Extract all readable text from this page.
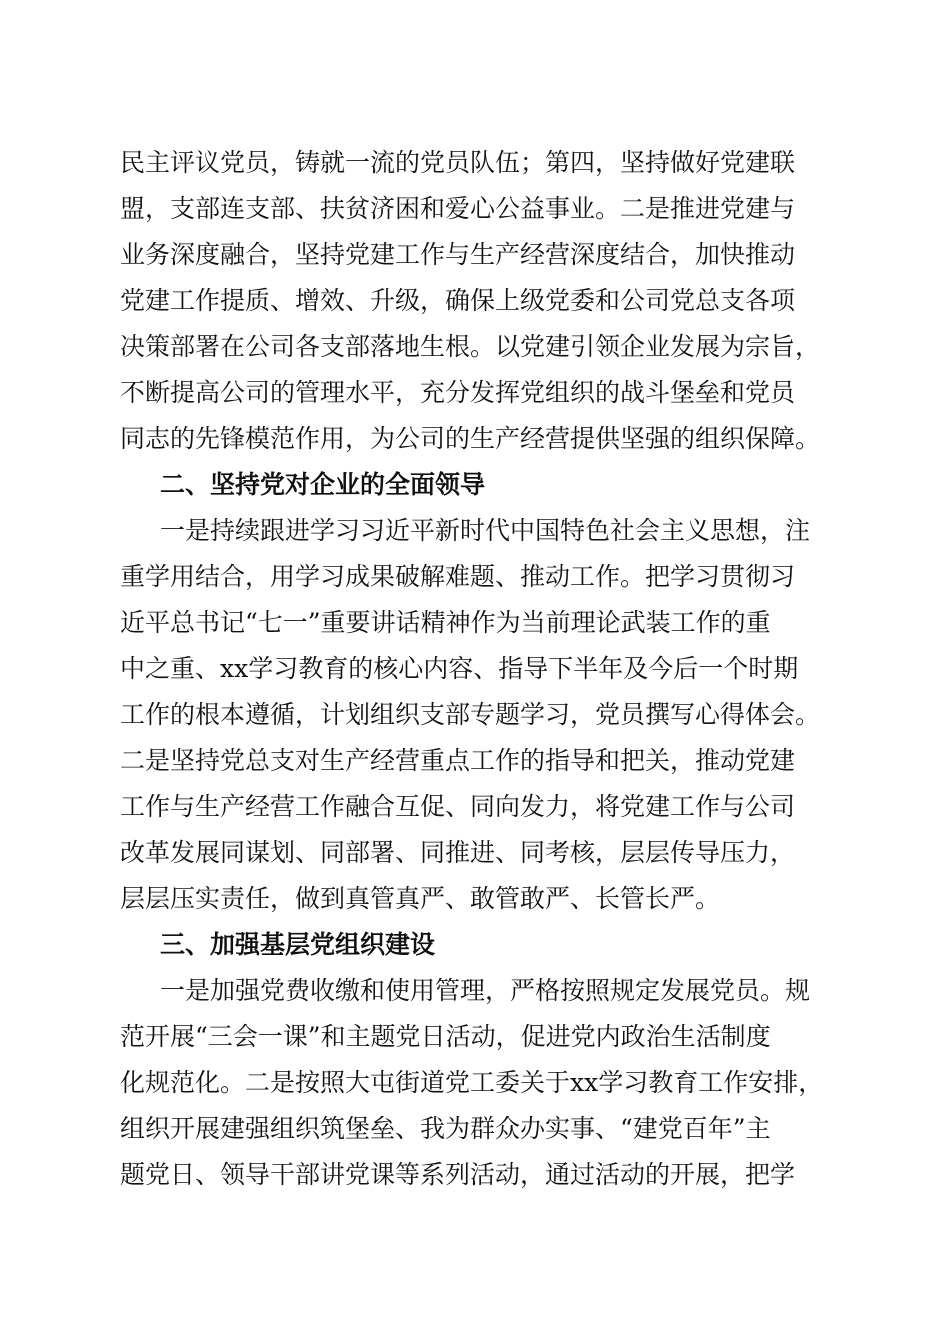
民主评议党员，铸就一流的党员队伍；第四，坚持做好党建联
盟，支部连支部、扶贫济困和爱心公益事业。二是推进党建与
业务深度融合，坚持党建工作与生产经营深度结合，加快推动
党建工作提质、增效、升级，确保上级党委和公司党总支各项
决策部署在公司各支部落地生根。以党建引领企业发展为宗旨，
不断提高公司的管理水平，充分发挥党组织的战斗堡垒和党员
同志的先锋模范作用，为公司的生产经营提供坚强的组织保障。
二、坚持党对企业的全面领导
一是持续跟进学习习近平新时代中国特色社会主义思想，注
重学用结合，用学习成果破解难题、推动工作。把学习贯彻习
近平总书记“七一”重要讲话精神作为当前理论武装工作的重
中之重、xx学习教育的核心内容、指导下半年及今后一个时期
工作的根本遵循，计划组织支部专题学习，党员撰写心得体会。
二是坚持党总支对生产经营重点工作的指导和把关，推动党建
工作与生产经营工作融合互促、同向发力，将党建工作与公司
改革发展同谋划、同部署、同推进、同考核，层层传导压力，
层层压实责任，做到真管真严、敢管敢严、长管长严。
三、加强基层党组织建设
一是加强党费收缴和使用管理，严格按照规定发展党员。规
范开展“三会一课”和主题党日活动，促进党内政治生活制度
化规范化。二是按照大屯街道党工委关于xx学习教育工作安排，
组织开展建强组织筑堡垒、我为群众办实事、“建党百年”主
题党日、领导干部讲党课等系列活动，通过活动的开展，把学
